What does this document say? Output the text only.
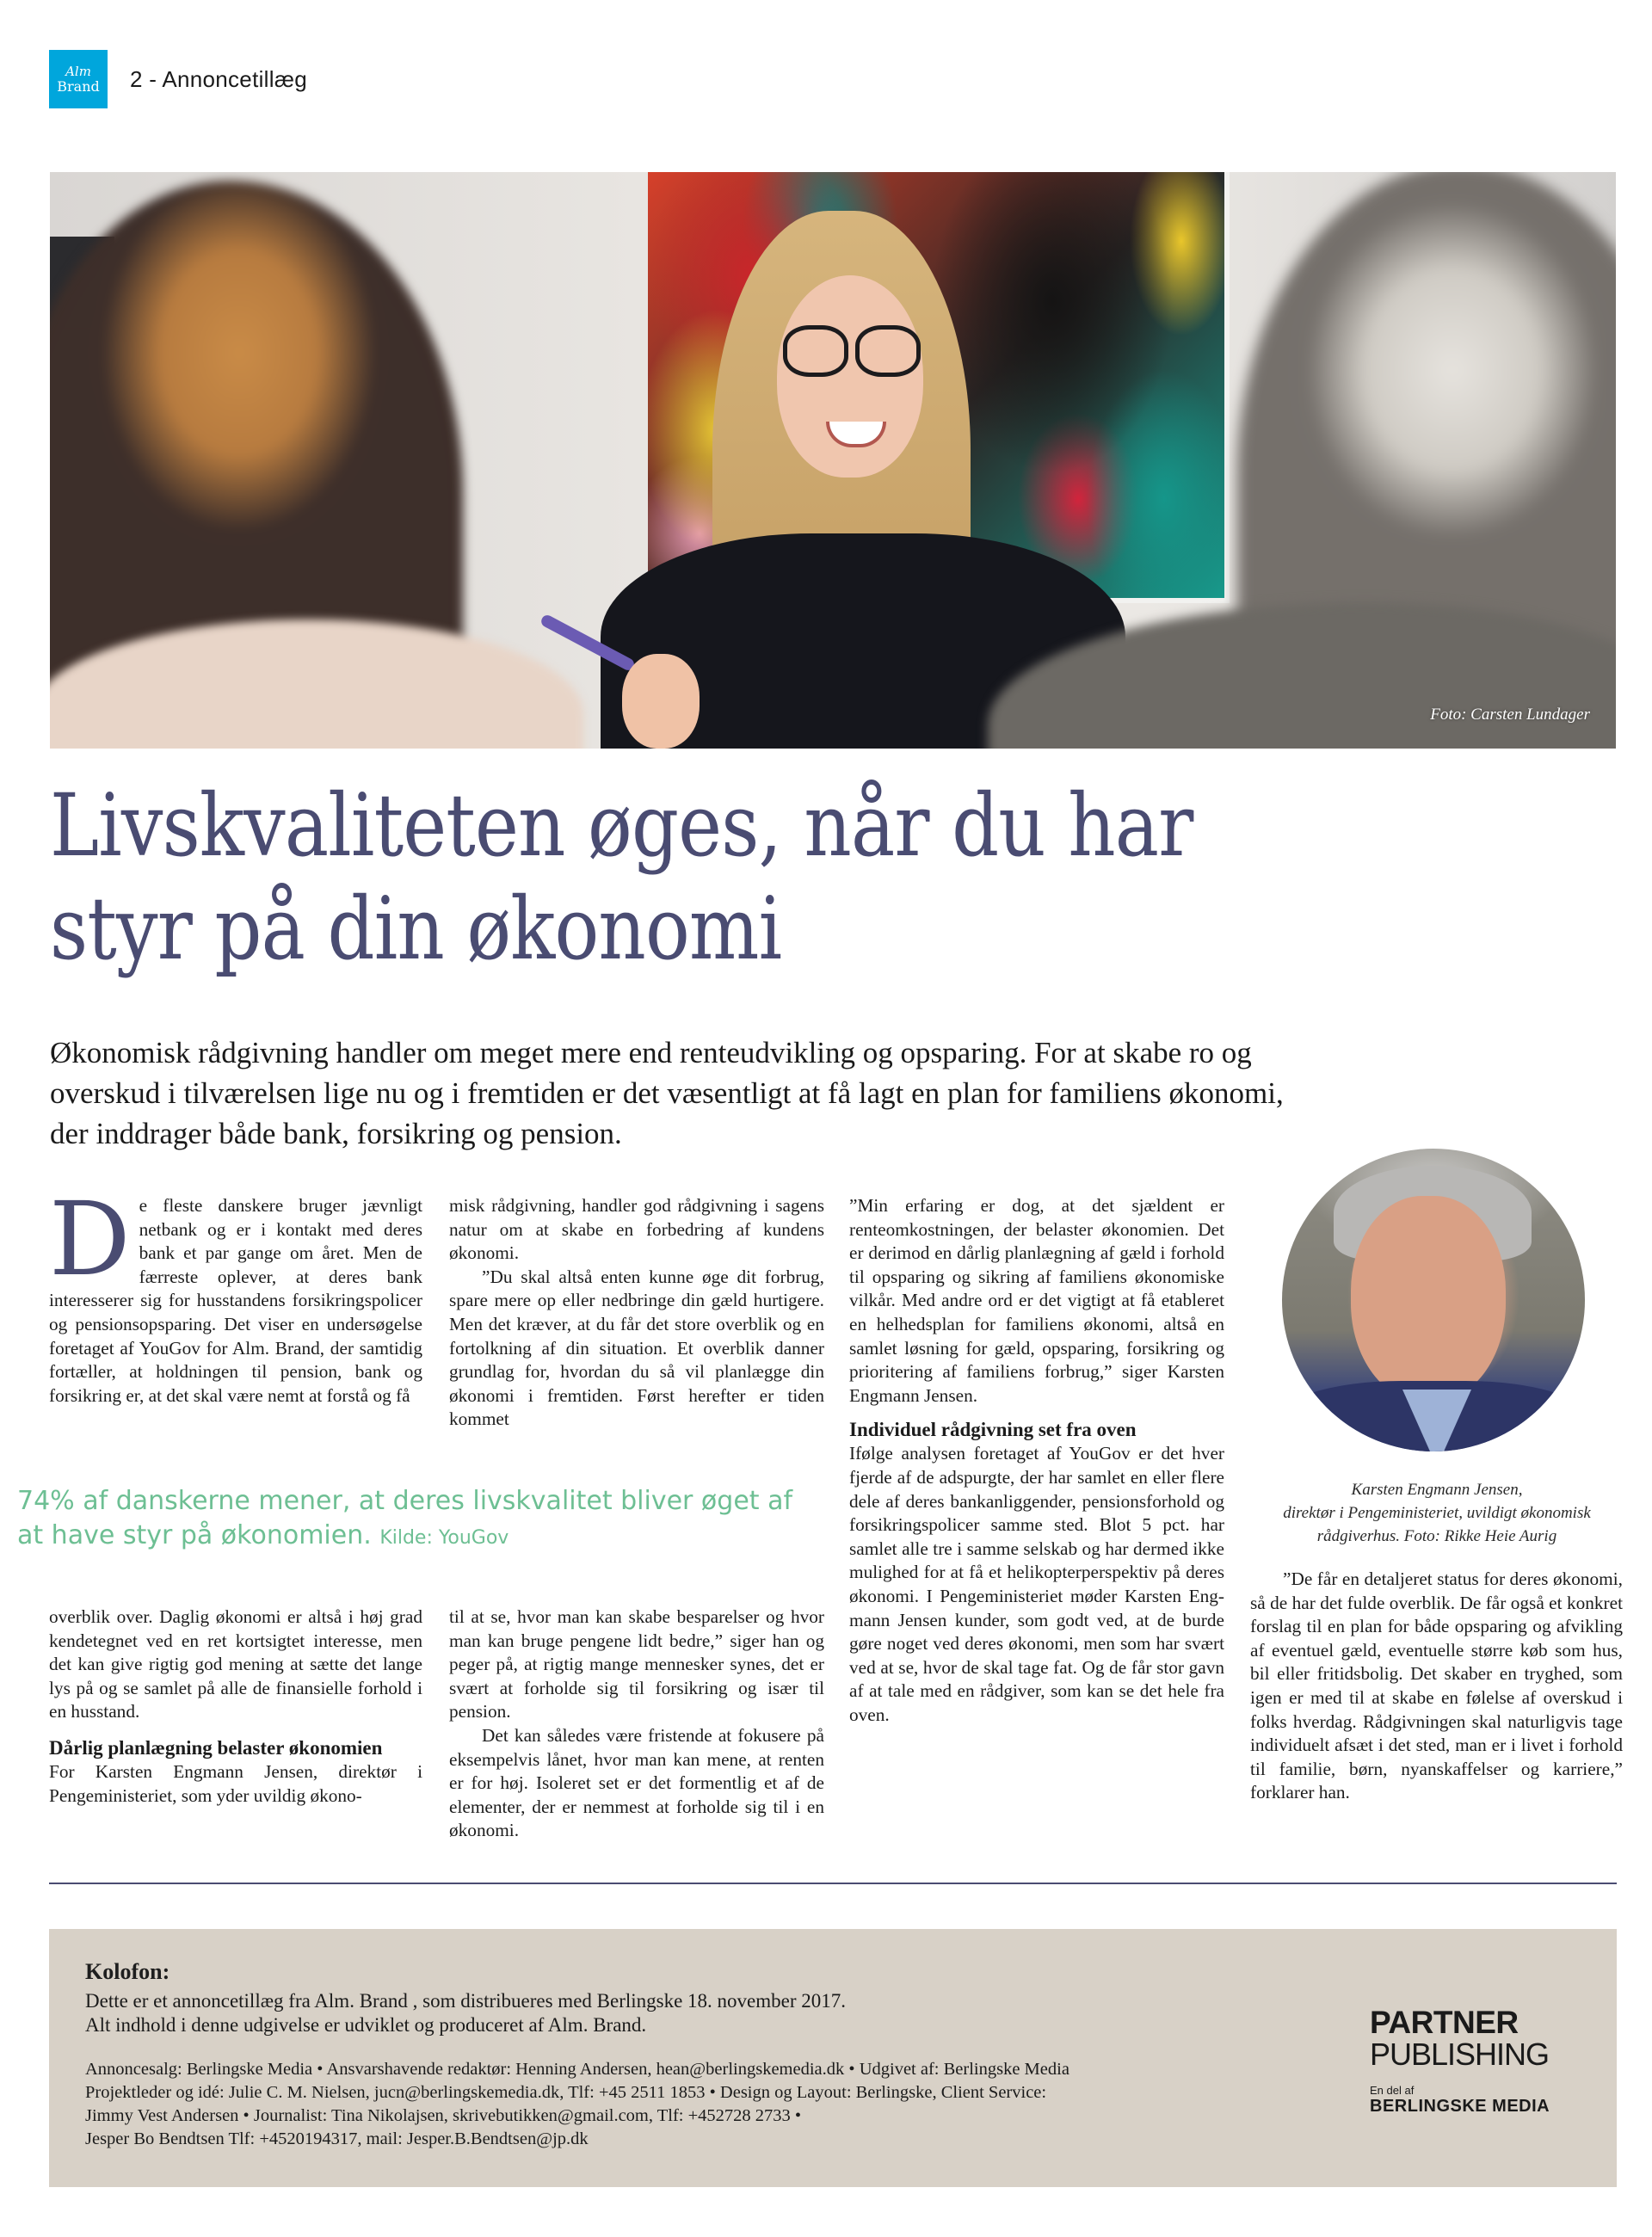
Alm
Brand 2 - Annoncetillæg
Foto: Carsten Lundager
Livskvaliteten øges, når du har
styr på din økonomi

Økonomisk rådgivning handler om meget mere end renteudvikling og opsparing. For at skabe ro og overskud i tilværelsen lige nu og i fremtiden er det væsentligt at få lagt en plan for familiens økonomi, der inddrager både bank, forsikring og pension.

D e fleste danskere bruger jævnligt netbank og er i kontakt med deres bank et par gange om året. Men de færreste oplever, at deres bank interesserer sig for husstandens forsikringspolicer og pensionsopsparing. Det viser en undersøgelse foretaget af YouGov for Alm. Brand, der samtidig fortæller, at holdningen til pension, bank og forsikring er, at det skal være nemt at forstå og få

overblik over. Daglig økonomi er altså i høj grad kendetegnet ved en ret kortsigtet interesse, men det kan give rigtig god mening at sætte det lange lys på og se samlet på alle de finansielle forhold i en husstand.

Dårlig planlægning belaster økonomien

For Karsten Engmann Jensen, direktør i Pengeministeriet, som yder uvildig økono-

misk rådgivning, handler god rådgivning i sagens natur om at skabe en forbedring af kundens økonomi.

”Du skal altså enten kunne øge dit forbrug, spare mere op eller nedbringe din gæld hurtigere. Men det kræver, at du får det store overblik og en fortolkning af din situation. Et overblik danner grundlag for, hvordan du så vil planlægge din økonomi i fremtiden. Først herefter er tiden kommet

til at se, hvor man kan skabe besparelser og hvor man kan bruge pengene lidt bedre,” siger han og peger på, at rigtig mange mennesker synes, det er svært at forholde sig til forsikring og især til pension.

Det kan således være fristende at fokusere på eksempelvis lånet, hvor man kan mene, at renten er for høj. Isoleret set er det formentlig et af de elementer, der er nemmest at forholde sig til i en økonomi.

”Min erfaring er dog, at det sjældent er renteomkostningen, der belaster økonomien. Det er derimod en dårlig planlægning af gæld i forhold til opsparing og sikring af familiens økonomiske vilkår. Med andre ord er det vigtigt at få etableret en helhedsplan for familiens økonomi, altså en samlet løsning for gæld, opsparing, forsikring og prioritering af familiens forbrug,” siger Karsten Engmann Jensen.

Individuel rådgivning set fra oven

Ifølge analysen foretaget af YouGov er det hver fjerde af de adspurgte, der har samlet en eller flere dele af deres bankanliggender, pensionsforhold og forsikringspolicer samme sted. Blot 5 pct. har samlet alle tre i samme selskab og har dermed ikke mulighed for at få et helikopterperspektiv på deres økonomi. I Pengeministeriet møder Karsten Engmann Jensen kunder, som godt ved, at de burde gøre noget ved deres økonomi, men som har svært ved at se, hvor de skal tage fat. Og de får stor gavn af at tale med en rådgiver, som kan se det hele fra oven.

Karsten Engmann Jensen,
direktør i Pengeministeriet, uvildigt økonomisk
rådgiverhus. Foto: Rikke Heie Aurig

”De får en detaljeret status for deres økonomi, så de har det fulde overblik. De får også et konkret forslag til en plan for både opsparing og afvikling af eventuel gæld, eventuelle større køb som hus, bil eller fritidsbolig. Det skaber en tryghed, som igen er med til at skabe en følelse af overskud i folks hverdag. Rådgivningen skal naturligvis tage individuelt afsæt i det sted, man er i livet i forhold til familie, børn, nyanskaffelser og karriere,” forklarer han.

74% af danskerne mener, at deres livskvalitet bliver øget af at have styr på økonomien. Kilde: YouGov
Kolofon:
Dette er et annoncetillæg fra Alm. Brand , som distribueres med Berlingske 18. november 2017.
Alt indhold i denne udgivelse er udviklet og produceret af Alm. Brand.
Annoncesalg: Berlingske Media • Ansvarshavende redaktør: Henning Andersen, hean@berlingskemedia.dk • Udgivet af: Berlingske Media
Projektleder og idé: Julie C. M. Nielsen, jucn@berlingskemedia.dk, Tlf: +45 2511 1853 • Design og Layout: Berlingske, Client Service:
Jimmy Vest Andersen • Journalist: Tina Nikolajsen, skrivebutikken@gmail.com, Tlf: +452728 2733 •
Jesper Bo Bendtsen Tlf: +4520194317, mail: Jesper.B.Bendtsen@jp.dk
PARTNER
PUBLISHING
En del af
BERLINGSKE MEDIA
